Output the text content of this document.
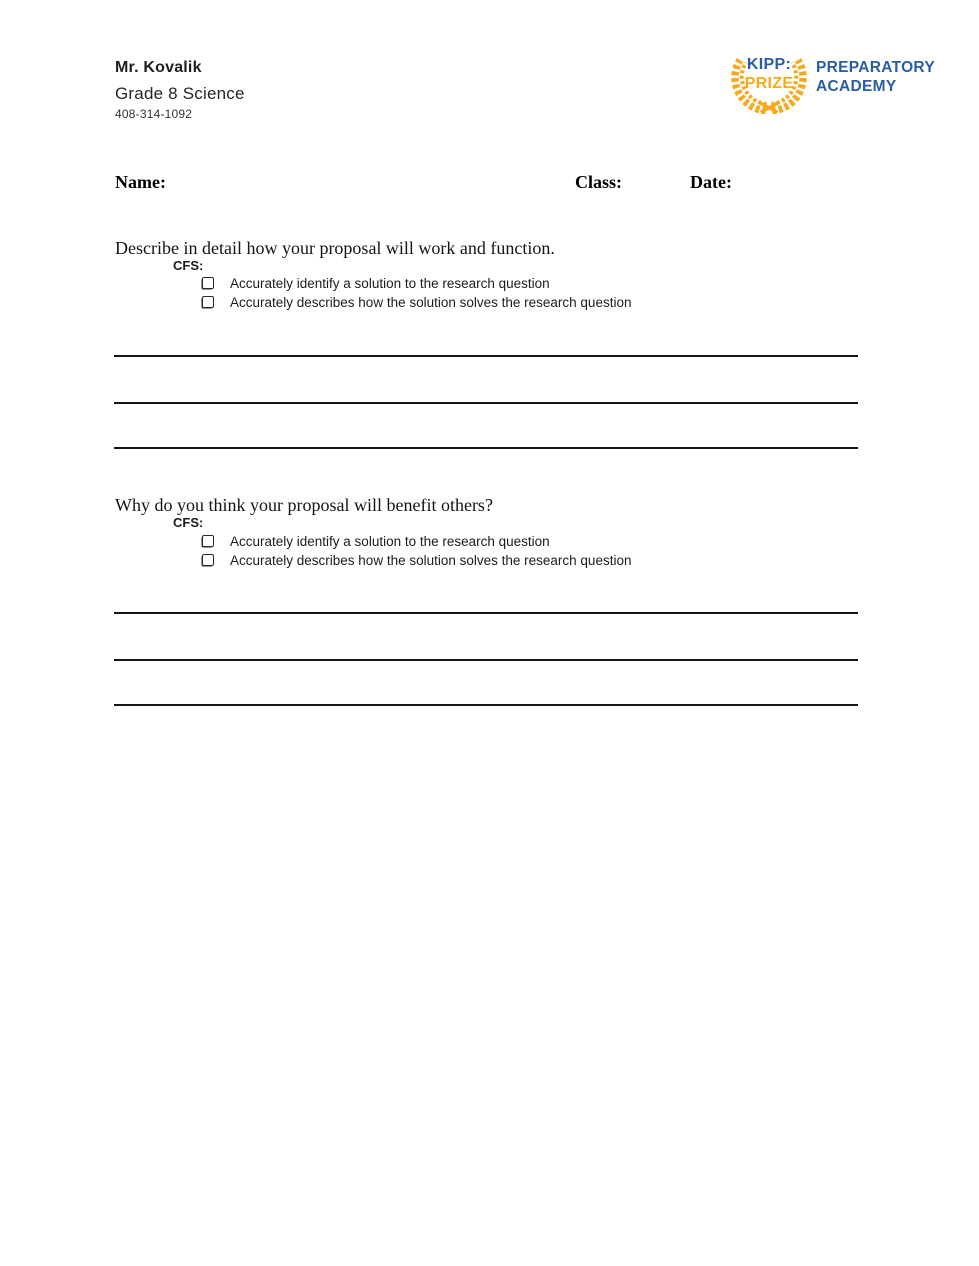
Mr. Kovalik
Grade 8 Science
408-314-1092
KIPP:
PRIZE
PREPARATORY
ACADEMY
Name:	Class:	Date:
Describe in detail how your proposal will work and function.
CFS:
Accurately identify a solution to the research question
Accurately describes how the solution solves the research question
Why do you think your proposal will benefit others?
CFS:
Accurately identify a solution to the research question
Accurately describes how the solution solves the research question
